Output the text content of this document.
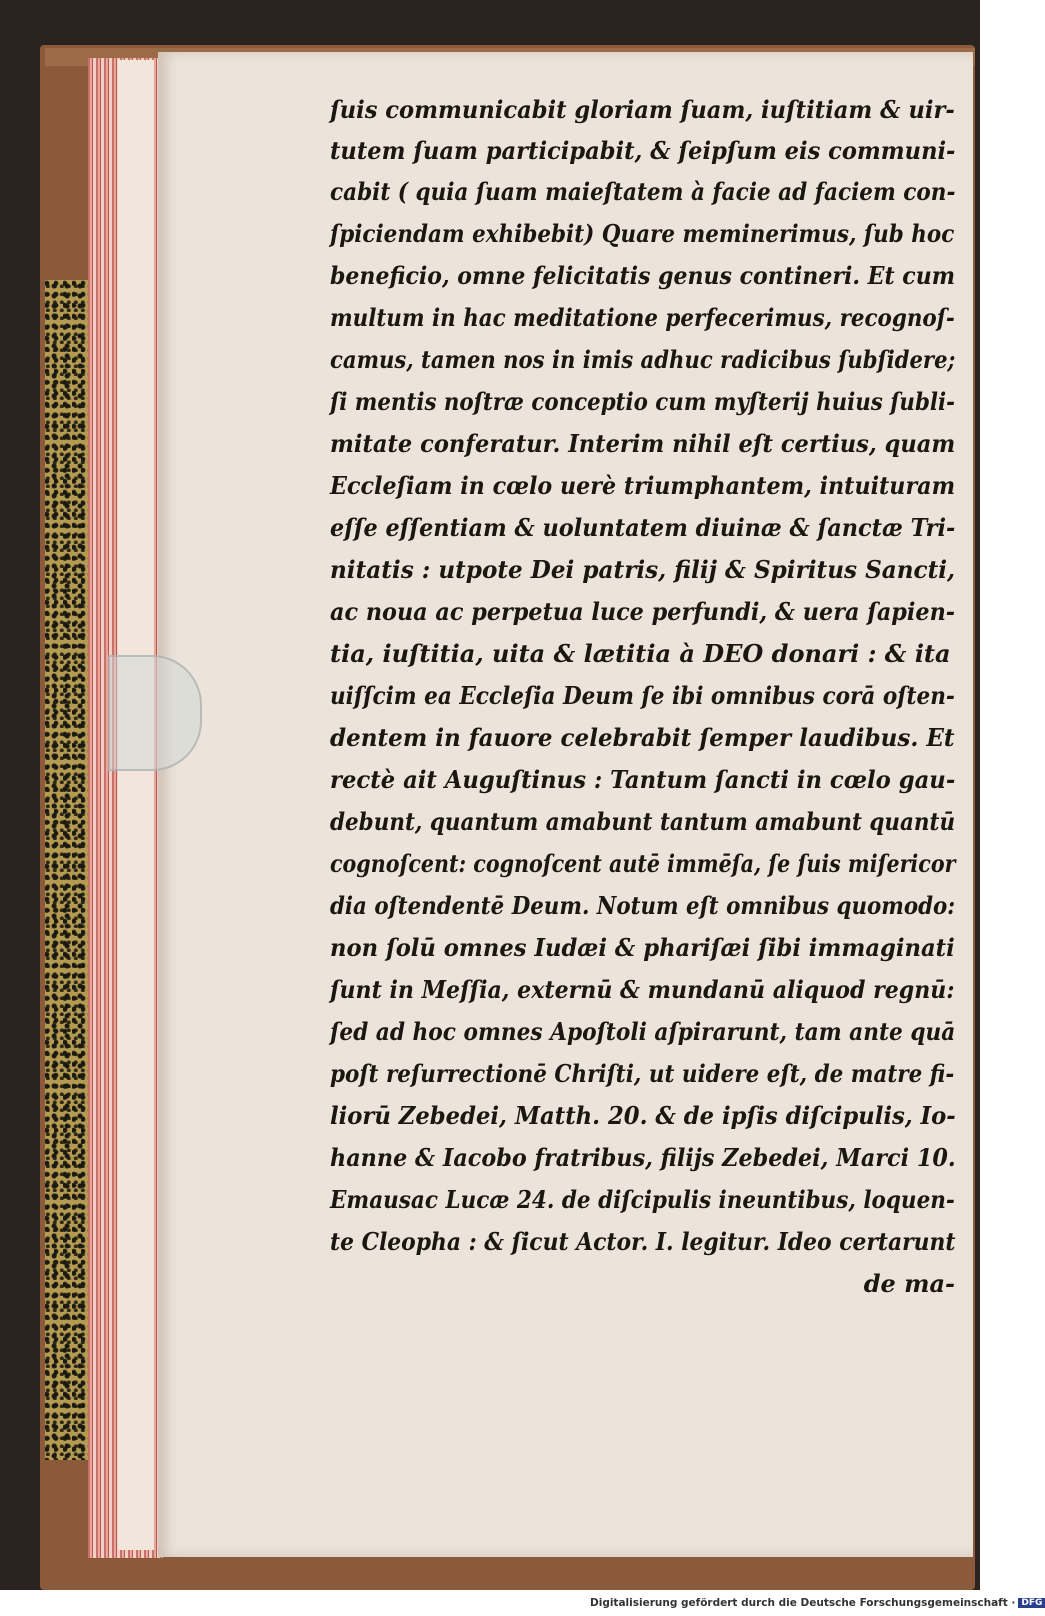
ſuis communicabit gloriam ſuam, iuſtitiam & uir-
tutem ſuam participabit, & ſeipſum eis communi-
cabit ( quia ſuam maieſtatem à facie ad faciem con-
ſpiciendam exhibebit) Quare meminerimus, ſub hoc
beneficio, omne felicitatis genus contineri. Et cum
multum in hac meditatione perfecerimus, recognoſ-
camus, tamen nos in imis adhuc radicibus ſubſidere;
ſi mentis noſtræ conceptio cum myſterij huius ſubli-
mitate conferatur. Interim nihil eſt certius, quam
Eccleſiam in cœlo uerè triumphantem, intuituram
eſſe eſſentiam & uoluntatem diuinæ & ſanctæ Tri-
nitatis : utpote Dei patris, filij & Spiritus Sancti,
ac noua ac perpetua luce perfundi, & uera ſapien-
tia, iuſtitia, uita & lætitia à DEO donari : & ita
uiſſcim ea Eccleſia Deum ſe ibi omnibus corā oſten-
dentem in fauore celebrabit ſemper laudibus. Et
rectè ait Auguſtinus : Tantum ſancti in cœlo gau-
debunt, quantum amabunt tantum amabunt quantū
cognoſcent: cognoſcent autē immēſa, ſe ſuis miſericor
dia oſtendentē Deum. Notum eſt omnibus quomodo:
non ſolū omnes Iudæi & phariſæi ſibi immaginati
ſunt in Meſſia, externū & mundanū aliquod regnū:
ſed ad hoc omnes Apoſtoli aſpirarunt, tam ante quā
poſt reſurrectionē Chriſti, ut uidere eſt, de matre fi-
liorū Zebedei, Matth. 20. & de ipſis diſcipulis, Io-
hanne & Iacobo fratribus, filijs Zebedei, Marci 10.
Emausac Lucæ 24. de diſcipulis ineuntibus, loquen-
te Cleopha : & ſicut Actor. I. legitur. Ideo certarunt
de ma-
Digitalisierung gefördert durch die Deutsche Forschungsgemeinschaft · DFG
